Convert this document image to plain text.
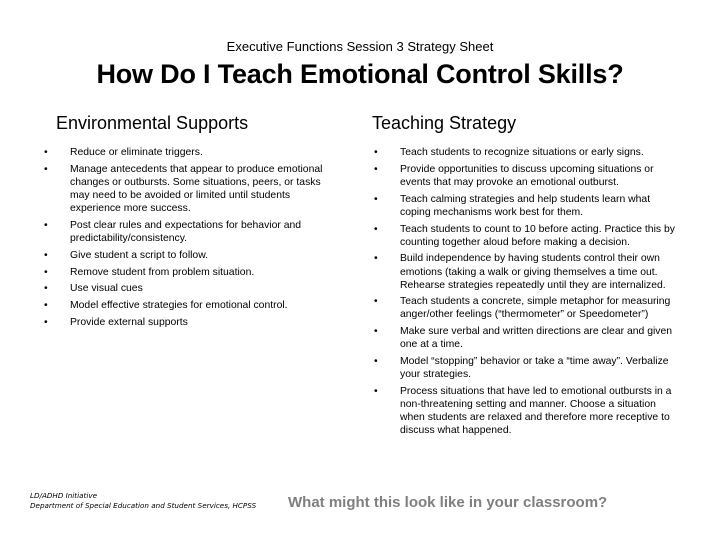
Executive Functions Session 3 Strategy Sheet
How Do I Teach Emotional Control Skills?
Environmental Supports
• Reduce or eliminate triggers.
• Manage antecedents that appear to produce emotional changes or outbursts. Some situations, peers, or tasks may need to be avoided or limited until students experience more success.
• Post clear rules and expectations for behavior and predictability/consistency.
• Give student a script to follow.
• Remove student from problem situation.
• Use visual cues
• Model effective strategies for emotional control.
• Provide external supports
Teaching Strategy
• Teach students to recognize situations or early signs.
• Provide opportunities to discuss upcoming situations or events that may provoke an emotional outburst.
• Teach calming strategies and help students learn what coping mechanisms work best for them.
• Teach students to count to 10 before acting. Practice this by counting together aloud before making a decision.
• Build independence by having students control their own emotions (taking a walk or giving themselves a time out. Rehearse strategies repeatedly until they are internalized.
• Teach students a concrete, simple metaphor for measuring anger/other feelings (“thermometer” or Speedometer”)
• Make sure verbal and written directions are clear and given one at a time.
• Model “stopping” behavior or take a “time away”. Verbalize your strategies.
• Process situations that have led to emotional outbursts in a non-threatening setting and manner. Choose a situation when students are relaxed and therefore more receptive to discuss what happened.
LD/ADHD Initiative
Department of Special Education and Student Services, HCPSS What might this look like in your classroom?
